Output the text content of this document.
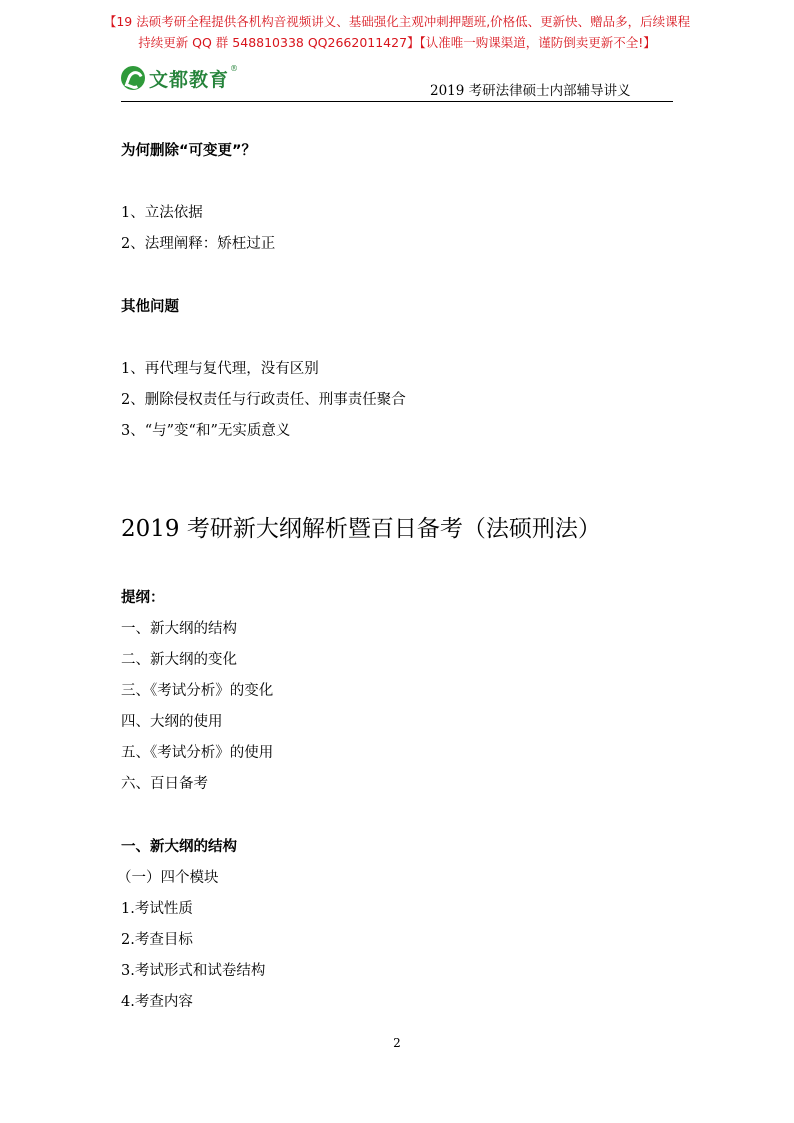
【19 法硕考研全程提供各机构音视频讲义、基础强化主观冲刺押题班,价格低、更新快、赠品多，后续课程
持续更新 QQ 群 548810338 QQ2662011427】【认准唯一购课渠道，谨防倒卖更新不全!】
文都教育
®
2019 考研法律硕士内部辅导讲义
为何删除“可变更”？
1、立法依据
2、法理阐释：矫枉过正
其他问题
1、再代理与复代理，没有区别
2、删除侵权责任与行政责任、刑事责任聚合
3、“与”变“和”无实质意义
2019 考研新大纲解析暨百日备考（法硕刑法）
提纲：
一、新大纲的结构
二、新大纲的变化
三、《考试分析》的变化
四、大纲的使用
五、《考试分析》的使用
六、百日备考
一、新大纲的结构
（一）四个模块
1.考试性质
2.考查目标
3.考试形式和试卷结构
4.考查内容
2
